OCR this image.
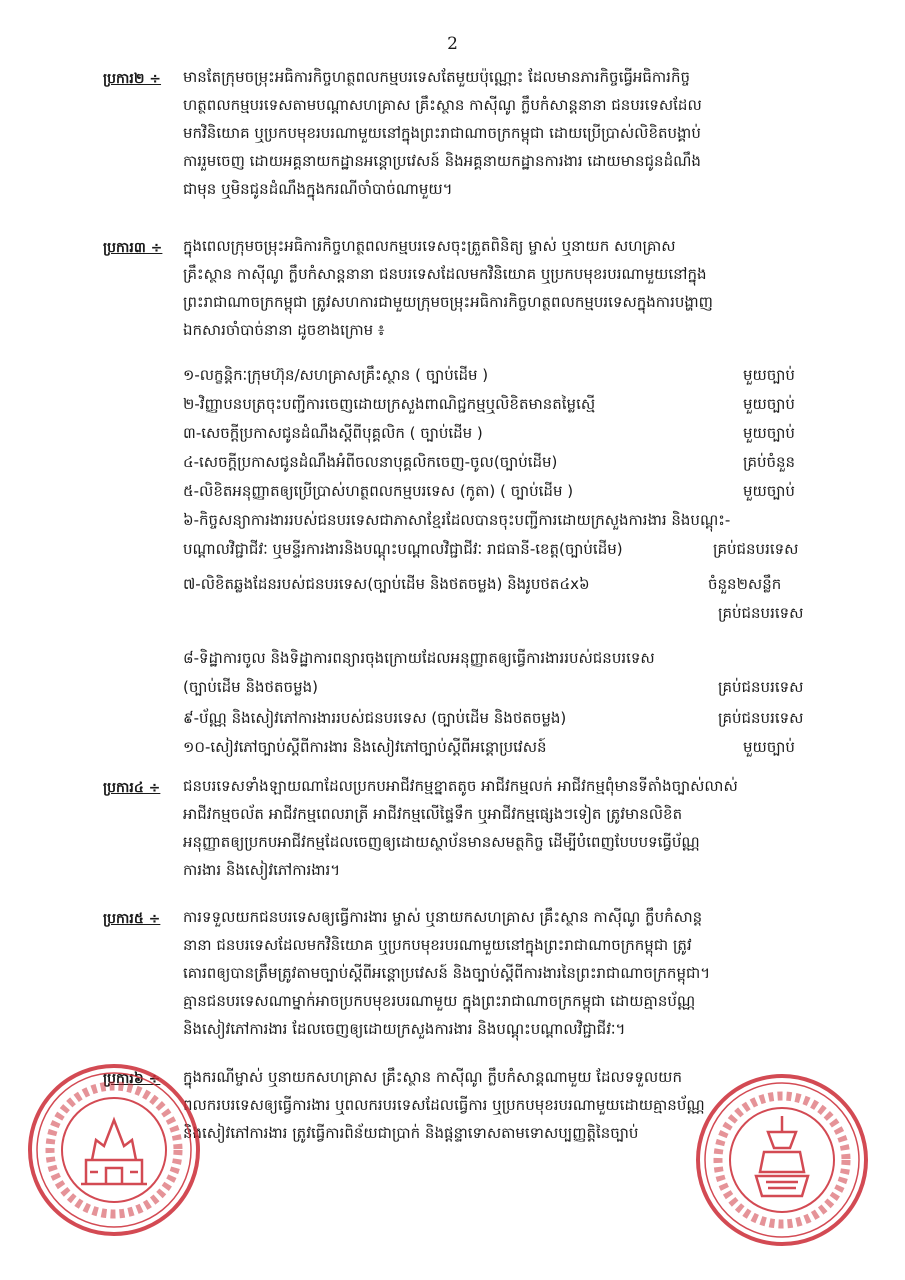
2
ប្រការ២ ÷ មានតែក្រុមចម្រុះអធិការកិច្ចហត្ថពលកម្មបរទេសតែមួយប៉ុណ្ណោះ ដែលមានភារកិច្ចធ្វើអធិការកិច្ច
ហត្ថពលកម្មបរទេសតាមបណ្តាសហគ្រាស គ្រឹះស្ថាន កាស៊ីណូ ក្លឹបកំសាន្តនានា ជនបរទេសដែល
មកវិនិយោគ ឬប្រកបមុខរបរណាមួយនៅក្នុងព្រះរាជាណាចក្រកម្ពុជា ដោយប្រើប្រាស់លិខិតបង្គាប់
ការរួមចេញ ដោយអគ្គនាយកដ្ឋានអន្តោប្រវេសន៍ និងអគ្គនាយកដ្ឋានការងារ ដោយមានជូនដំណឹង
ជាមុន ឬមិនជូនដំណឹងក្នុងករណីចាំបាច់ណាមួយ។
ប្រការ៣ ÷ ក្នុងពេលក្រុមចម្រុះអធិការកិច្ចហត្ថពលកម្មបរទេសចុះត្រួតពិនិត្យ ម្ចាស់ ឬនាយក សហគ្រាស
គ្រឹះស្ថាន កាស៊ីណូ ក្លឹបកំសាន្តនានា ជនបរទេសដែលមកវិនិយោគ ឬប្រកបមុខរបរណាមួយនៅក្នុង
ព្រះរាជាណាចក្រកម្ពុជា ត្រូវសហការជាមួយក្រុមចម្រុះអធិការកិច្ចហត្ថពលកម្មបរទេសក្នុងការបង្ហាញ
ឯកសារចាំបាច់នានា ដូចខាងក្រោម ៖
១-លក្ខន្តិកៈក្រុមហ៊ុន/សហគ្រាសគ្រឹះស្ថាន ( ច្បាប់ដើម )	មួយច្បាប់
២-វិញ្ញាបនបត្រចុះបញ្ជីការចេញដោយក្រសួងពាណិជ្ជកម្មឬលិខិតមានតម្លៃស្មើ	មួយច្បាប់
៣-សេចក្តីប្រកាសជូនដំណឹងស្តីពីបុគ្គលិក ( ច្បាប់ដើម )	មួយច្បាប់
៤-សេចក្តីប្រកាសជូនដំណឹងអំពីចលនាបុគ្គលិកចេញ-ចូល(ច្បាប់ដើម)	គ្រប់ចំនួន
៥-លិខិតអនុញ្ញាតឲ្យប្រើប្រាស់ហត្ថពលកម្មបរទេស (កូតា) ( ច្បាប់ដើម )	មួយច្បាប់
៦-កិច្ចសន្យាការងាររបស់ជនបរទេសជាភាសាខ្មែរដែលបានចុះបញ្ជីការដោយក្រសួងការងារ និងបណ្តុះ-
បណ្តាលវិជ្ជាជីវៈ ឬមន្ទីរការងារនិងបណ្តុះបណ្តាលវិជ្ជាជីវៈ រាជធានី-ខេត្ត(ច្បាប់ដើម)	គ្រប់ជនបរទេស
៧-លិខិតឆ្លងដែនរបស់ជនបរទេស(ច្បាប់ដើម និងថតចម្លង) និងរូបថត៤x៦	ចំនួន២សន្លឹក
គ្រប់ជនបរទេស
៨-ទិដ្ឋាការចូល និងទិដ្ឋាការពន្យារចុងក្រោយដែលអនុញ្ញាតឲ្យធ្វើការងាររបស់ជនបរទេស
(ច្បាប់ដើម និងថតចម្លង)	គ្រប់ជនបរទេស
៩-ប័ណ្ណ និងសៀវភៅការងាររបស់ជនបរទេស (ច្បាប់ដើម និងថតចម្លង)	គ្រប់ជនបរទេស
១០-សៀវភៅច្បាប់ស្តីពីការងារ និងសៀវភៅច្បាប់ស្តីពីអន្តោប្រវេសន៍	មួយច្បាប់
ប្រការ៤ ÷ ជនបរទេសទាំងឡាយណាដែលប្រកបអាជីវកម្មខ្នាតតូច អាជីវកម្មលក់ អាជីវកម្មពុំមានទីតាំងច្បាស់លាស់
អាជីវកម្មចល័ត អាជីវកម្មពេលរាត្រី អាជីវកម្មលើផ្ទៃទឹក ឬអាជីវកម្មផ្សេងៗទៀត ត្រូវមានលិខិត
អនុញ្ញាតឲ្យប្រកបអាជីវកម្មដែលចេញឲ្យដោយស្ថាប័នមានសមត្ថកិច្ច ដើម្បីបំពេញបែបបទធ្វើប័ណ្ណ
ការងារ និងសៀវភៅការងារ។
ប្រការ៥ ÷ ការទទួលយកជនបរទេសឲ្យធ្វើការងារ ម្ចាស់ ឬនាយកសហគ្រាស គ្រឹះស្ថាន កាស៊ីណូ ក្លឹបកំសាន្ត
នានា ជនបរទេសដែលមកវិនិយោគ ឬប្រកបមុខរបរណាមួយនៅក្នុងព្រះរាជាណាចក្រកម្ពុជា ត្រូវ
គោរពឲ្យបានត្រឹមត្រូវតាមច្បាប់ស្តីពីអន្តោប្រវេសន៍ និងច្បាប់ស្តីពីការងារនៃព្រះរាជាណាចក្រកម្ពុជា។
គ្មានជនបរទេសណាម្នាក់អាចប្រកបមុខរបរណាមួយ ក្នុងព្រះរាជាណាចក្រកម្ពុជា ដោយគ្មានប័ណ្ណ
និងសៀវភៅការងារ ដែលចេញឲ្យដោយក្រសួងការងារ និងបណ្តុះបណ្តាលវិជ្ជាជីវៈ។
ប្រការ៦ ÷ ក្នុងករណីម្ចាស់ ឬនាយកសហគ្រាស គ្រឹះស្ថាន កាស៊ីណូ ក្លឹបកំសាន្តណាមួយ ដែលទទួលយក
ពលករបរទេសឲ្យធ្វើការងារ ឬពលករបរទេសដែលធ្វើការ ឬប្រកបមុខរបរណាមួយដោយគ្មានប័ណ្ណ
និងសៀវភៅការងារ ត្រូវធ្វើការពិន័យជាប្រាក់ និងផ្តន្ទាទោសតាមទោសប្បញ្ញត្តិនៃច្បាប់
